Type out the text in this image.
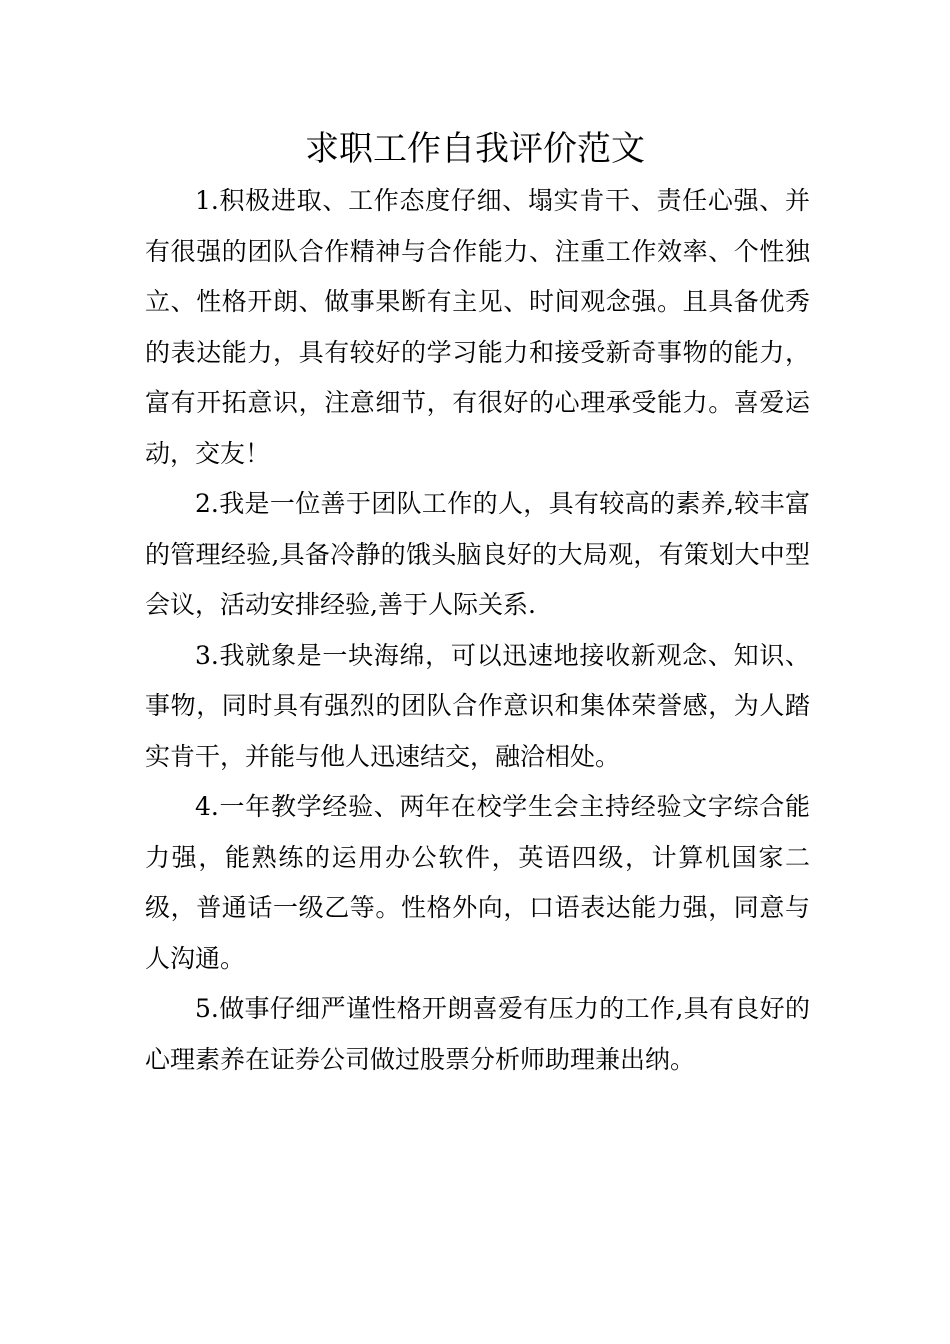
求职工作自我评价范文

1.积极进取、工作态度仔细、塌实肯干、责任心强、并有很强的团队合作精神与合作能力、注重工作效率、个性独立、性格开朗、做事果断有主见、时间观念强。且具备优秀的表达能力，具有较好的学习能力和接受新奇事物的能力，富有开拓意识，注意细节，有很好的心理承受能力。喜爱运动，交友！

2.我是一位善于团队工作的人，具有较高的素养,较丰富的管理经验,具备冷静的饿头脑良好的大局观，有策划大中型会议，活动安排经验,善于人际关系.

3.我就象是一块海绵，可以迅速地接收新观念、知识、事物，同时具有强烈的团队合作意识和集体荣誉感，为人踏实肯干，并能与他人迅速结交，融洽相处。

4.一年教学经验、两年在校学生会主持经验文字综合能力强，能熟练的运用办公软件，英语四级，计算机国家二级，普通话一级乙等。性格外向，口语表达能力强，同意与人沟通。

5.做事仔细严谨性格开朗喜爱有压力的工作,具有良好的心理素养在证券公司做过股票分析师助理兼出纳。
